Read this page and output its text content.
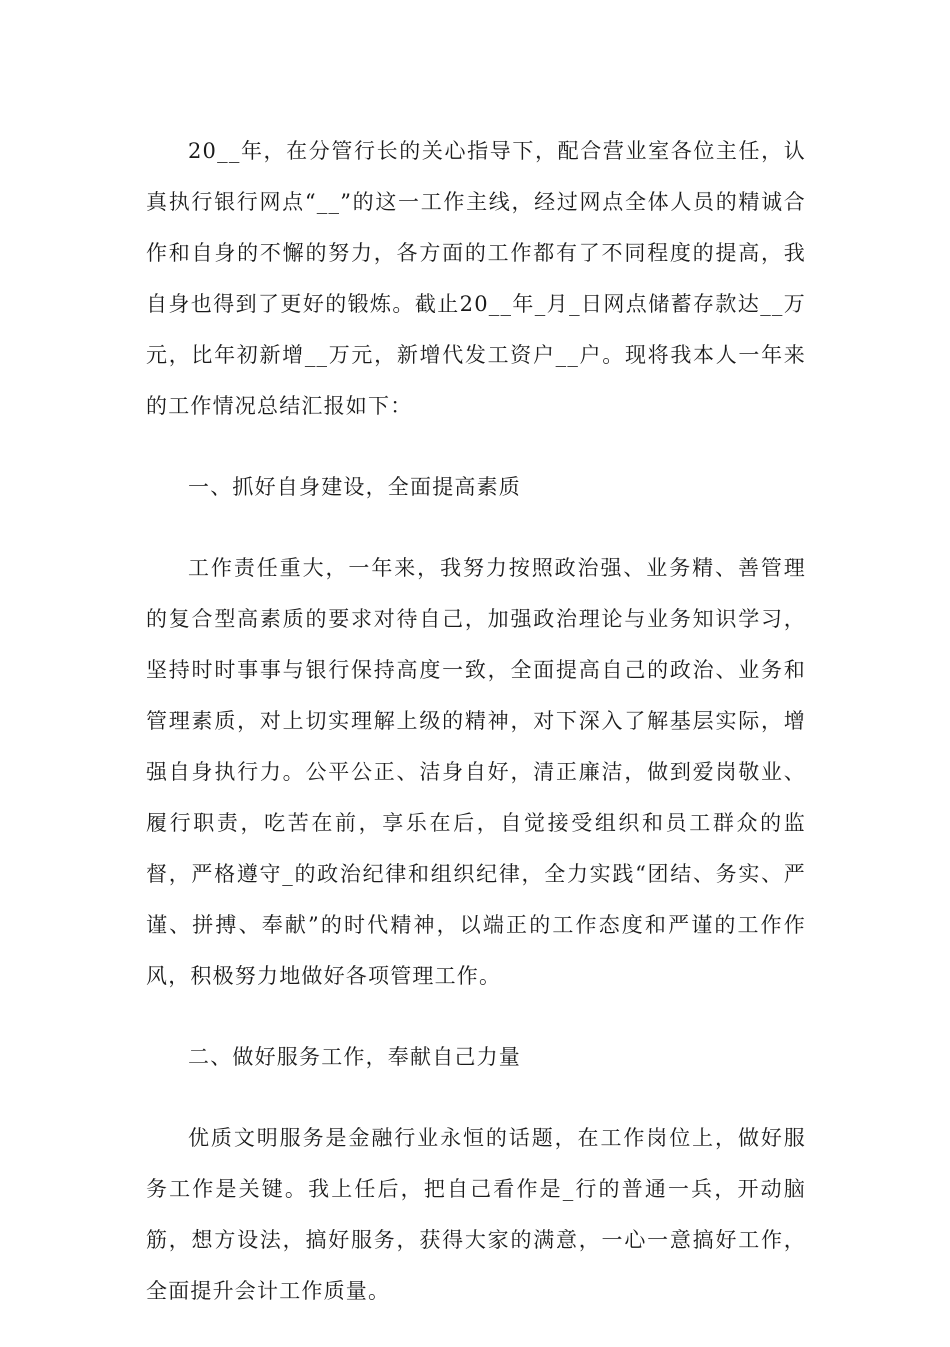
20__年，在分管行长的关心指导下，配合营业室各位主任，认真执行银行网点“__”的这一工作主线，经过网点全体人员的精诚合作和自身的不懈的努力，各方面的工作都有了不同程度的提高，我自身也得到了更好的锻炼。截止20__年_月_日网点储蓄存款达__万元，比年初新增__万元，新增代发工资户__户。现将我本人一年来的工作情况总结汇报如下：

一、抓好自身建设，全面提高素质

工作责任重大，一年来，我努力按照政治强、业务精、善管理的复合型高素质的要求对待自己，加强政治理论与业务知识学习，坚持时时事事与银行保持高度一致，全面提高自己的政治、业务和管理素质，对上切实理解上级的精神，对下深入了解基层实际，增强自身执行力。公平公正、洁身自好，清正廉洁，做到爱岗敬业、履行职责，吃苦在前，享乐在后，自觉接受组织和员工群众的监督，严格遵守_的政治纪律和组织纪律，全力实践“团结、务实、严谨、拼搏、奉献”的时代精神，以端正的工作态度和严谨的工作作风，积极努力地做好各项管理工作。

二、做好服务工作，奉献自己力量

优质文明服务是金融行业永恒的话题，在工作岗位上，做好服务工作是关键。我上任后，把自己看作是_行的普通一兵，开动脑筋，想方设法，搞好服务，获得大家的满意，一心一意搞好工作，全面提升会计工作质量。
